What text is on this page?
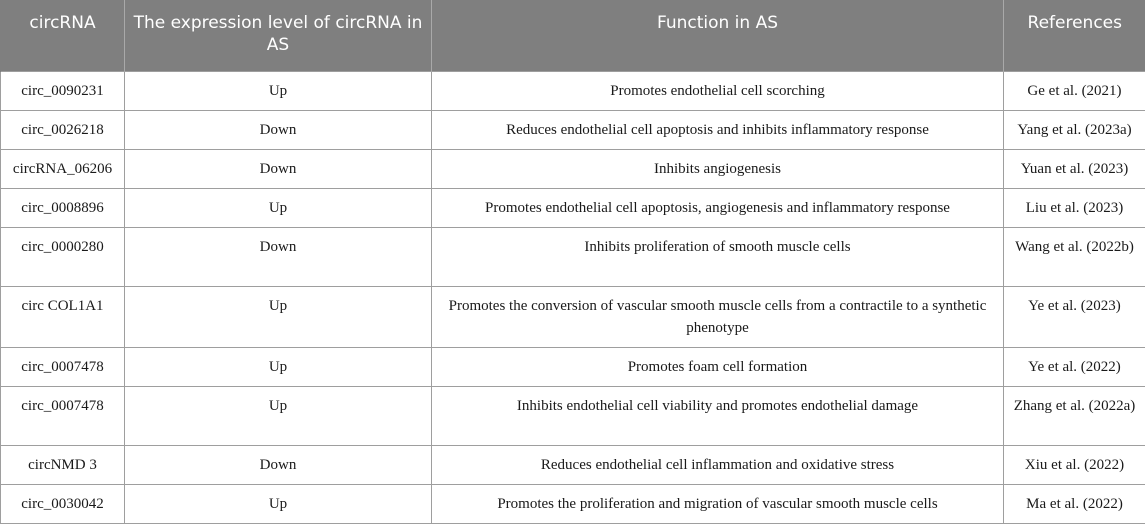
circRNA	The expression level of circRNA in AS	Function in AS	References
circ_0090231	Up	Promotes endothelial cell scorching	Ge et al. (2021)
circ_0026218	Down	Reduces endothelial cell apoptosis and inhibits inflammatory response	Yang et al. (2023a)
circRNA_06206	Down	Inhibits angiogenesis	Yuan et al. (2023)
circ_0008896	Up	Promotes endothelial cell apoptosis, angiogenesis and inflammatory response	Liu et al. (2023)
circ_0000280	Down	Inhibits proliferation of smooth muscle cells	Wang et al. (2022b)
circ COL1A1	Up	Promotes the conversion of vascular smooth muscle cells from a contractile to a synthetic phenotype	Ye et al. (2023)
circ_0007478	Up	Promotes foam cell formation	Ye et al. (2022)
circ_0007478	Up	Inhibits endothelial cell viability and promotes endothelial damage	Zhang et al. (2022a)
circNMD 3	Down	Reduces endothelial cell inflammation and oxidative stress	Xiu et al. (2022)
circ_0030042	Up	Promotes the proliferation and migration of vascular smooth muscle cells	Ma et al. (2022)
